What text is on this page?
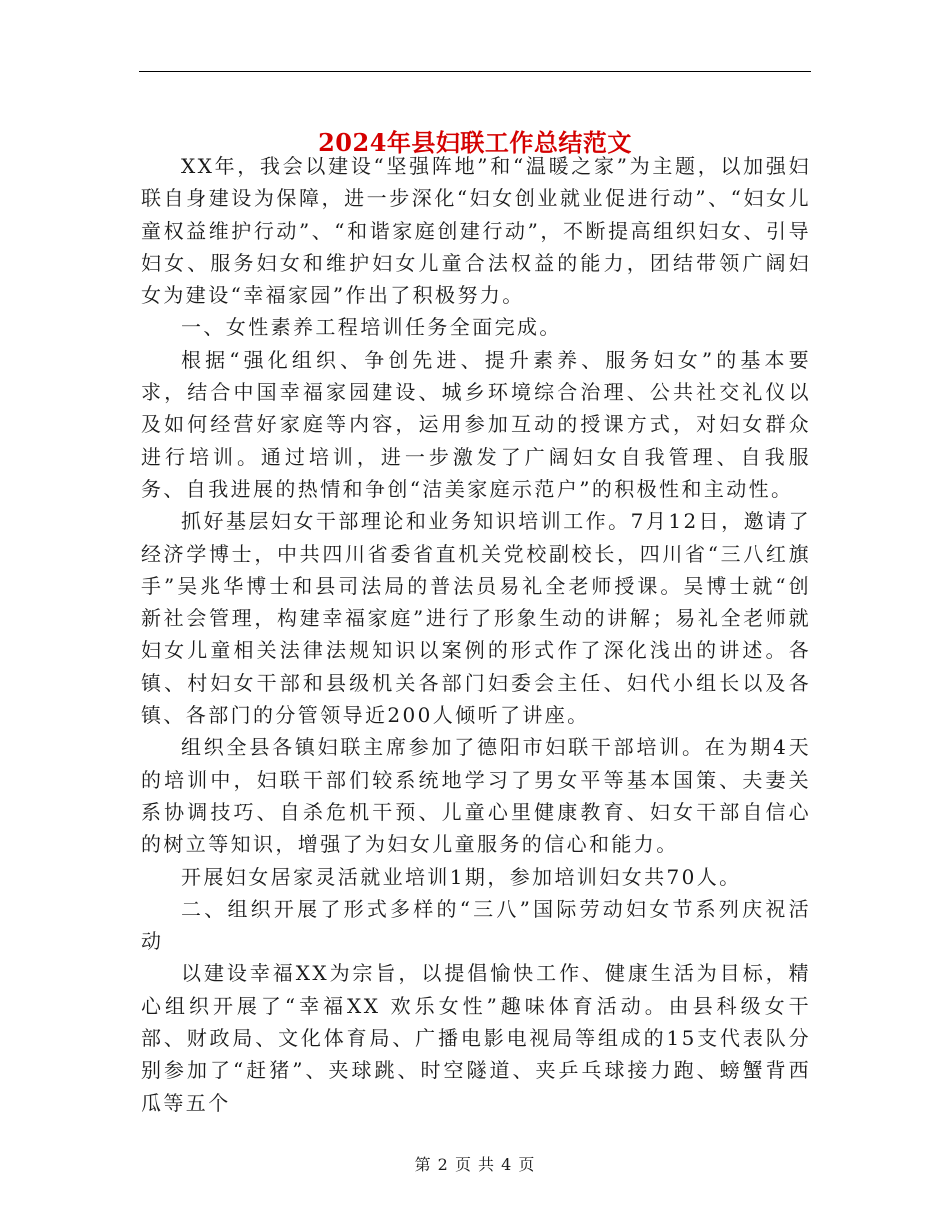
2024年县妇联工作总结范文

XX年，我会以建设“坚强阵地”和“温暖之家”为主题，以加强妇联自身建设为保障，进一步深化“妇女创业就业促进行动”、“妇女儿童权益维护行动”、“和谐家庭创建行动”，不断提高组织妇女、引导妇女、服务妇女和维护妇女儿童合法权益的能力，团结带领广阔妇女为建设“幸福家园”作出了积极努力。

一、女性素养工程培训任务全面完成。

根据“强化组织、争创先进、提升素养、服务妇女”的基本要求，结合中国幸福家园建设、城乡环境综合治理、公共社交礼仪以及如何经营好家庭等内容，运用参加互动的授课方式，对妇女群众进行培训。通过培训，进一步激发了广阔妇女自我管理、自我服务、自我进展的热情和争创“洁美家庭示范户”的积极性和主动性。

抓好基层妇女干部理论和业务知识培训工作。7月12日，邀请了经济学博士，中共四川省委省直机关党校副校长，四川省“三八红旗手”吴兆华博士和县司法局的普法员易礼全老师授课。吴博士就“创新社会管理，构建幸福家庭”进行了形象生动的讲解；易礼全老师就妇女儿童相关法律法规知识以案例的形式作了深化浅出的讲述。各镇、村妇女干部和县级机关各部门妇委会主任、妇代小组长以及各镇、各部门的分管领导近200人倾听了讲座。

组织全县各镇妇联主席参加了德阳市妇联干部培训。在为期4天的培训中，妇联干部们较系统地学习了男女平等基本国策、夫妻关系协调技巧、自杀危机干预、儿童心里健康教育、妇女干部自信心的树立等知识，增强了为妇女儿童服务的信心和能力。

开展妇女居家灵活就业培训1期，参加培训妇女共70人。

二、组织开展了形式多样的“三八”国际劳动妇女节系列庆祝活动

以建设幸福XX为宗旨，以提倡愉快工作、健康生活为目标，精心组织开展了“幸福XX 欢乐女性”趣味体育活动。由县科级女干部、财政局、文化体育局、广播电影电视局等组成的15支代表队分别参加了“赶猪”、夹球跳、时空隧道、夹乒乓球接力跑、螃蟹背西瓜等五个

第 2 页 共 4 页
